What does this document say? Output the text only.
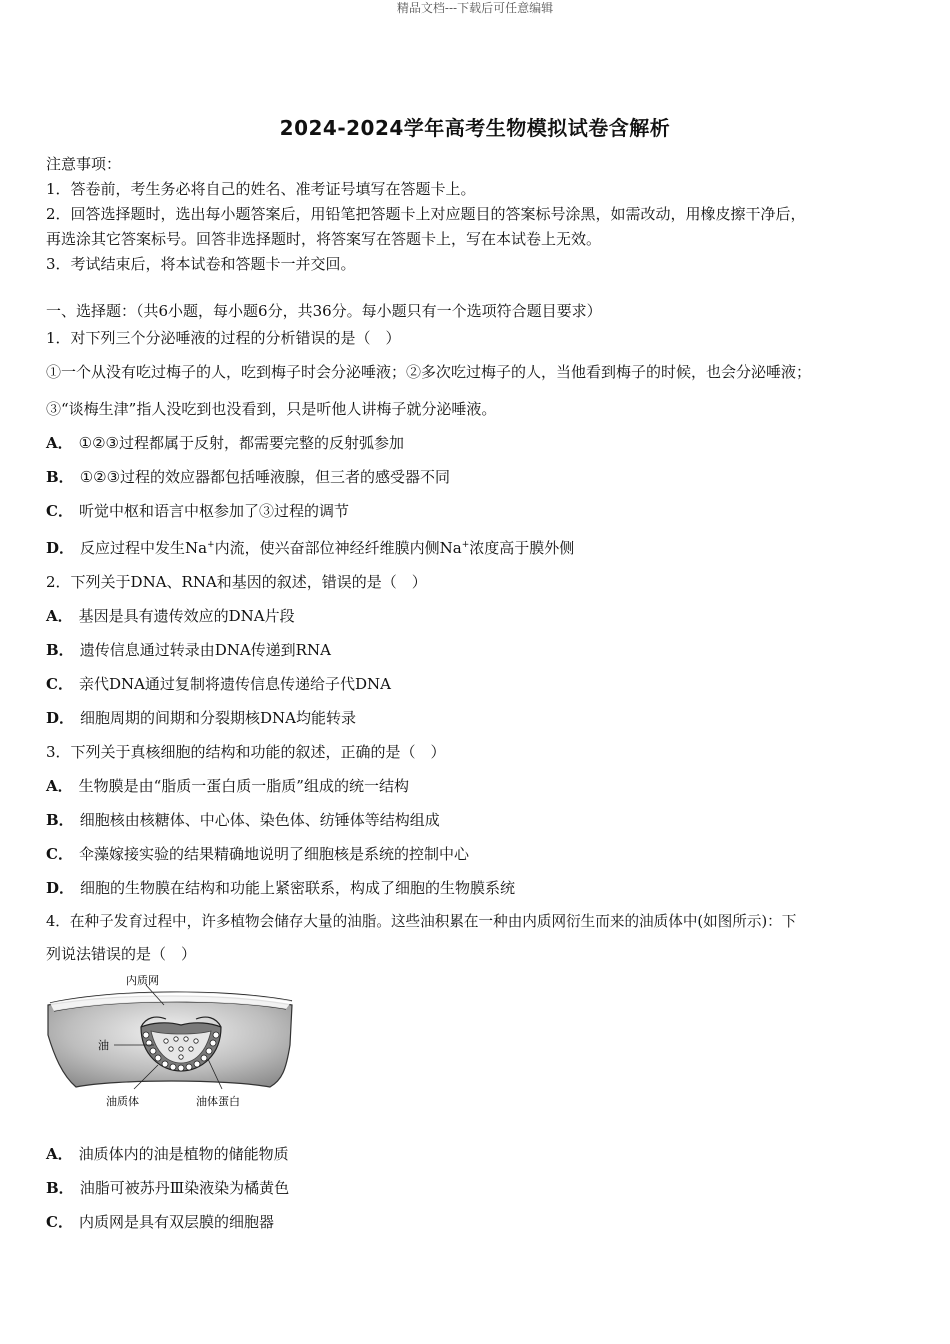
精品文档---下载后可任意编辑
2024-2024学年高考生物模拟试卷含解析
注意事项：
1．答卷前，考生务必将自己的姓名、准考证号填写在答题卡上。
2．回答选择题时，选出每小题答案后，用铅笔把答题卡上对应题目的答案标号涂黑，如需改动，用橡皮擦干净后，
再选涂其它答案标号。回答非选择题时，将答案写在答题卡上，写在本试卷上无效。
3．考试结束后，将本试卷和答题卡一并交回。
一、选择题：（共6小题，每小题6分，共36分。每小题只有一个选项符合题目要求）
1．对下列三个分泌唾液的过程的分析错误的是（　）
①一个从没有吃过梅子的人，吃到梅子时会分泌唾液；②多次吃过梅子的人，当他看到梅子的时候，也会分泌唾液；
③“谈梅生津”指人没吃到也没看到，只是听他人讲梅子就分泌唾液。
A． ①②③过程都属于反射，都需要完整的反射弧参加
B． ①②③过程的效应器都包括唾液腺，但三者的感受器不同
C． 听觉中枢和语言中枢参加了③过程的调节
D． 反应过程中发生Na+内流，使兴奋部位神经纤维膜内侧Na+浓度高于膜外侧
2．下列关于DNA、RNA和基因的叙述，错误的是（　）
A． 基因是具有遗传效应的DNA片段
B． 遗传信息通过转录由DNA传递到RNA
C． 亲代DNA通过复制将遗传信息传递给子代DNA
D． 细胞周期的间期和分裂期核DNA均能转录
3．下列关于真核细胞的结构和功能的叙述，正确的是（　）
A． 生物膜是由“脂质一蛋白质一脂质”组成的统一结构
B． 细胞核由核糖体、中心体、染色体、纺锤体等结构组成
C． 伞藻嫁接实验的结果精确地说明了细胞核是系统的控制中心
D． 细胞的生物膜在结构和功能上紧密联系，构成了细胞的生物膜系统
4．在种子发育过程中，许多植物会储存大量的油脂。这些油积累在一种由内质网衍生而来的油质体中(如图所示)：下
列说法错误的是（　）
内质网
油
油质体	油体蛋白
A． 油质体内的油是植物的储能物质
B． 油脂可被苏丹Ⅲ染液染为橘黄色
C． 内质网是具有双层膜的细胞器
